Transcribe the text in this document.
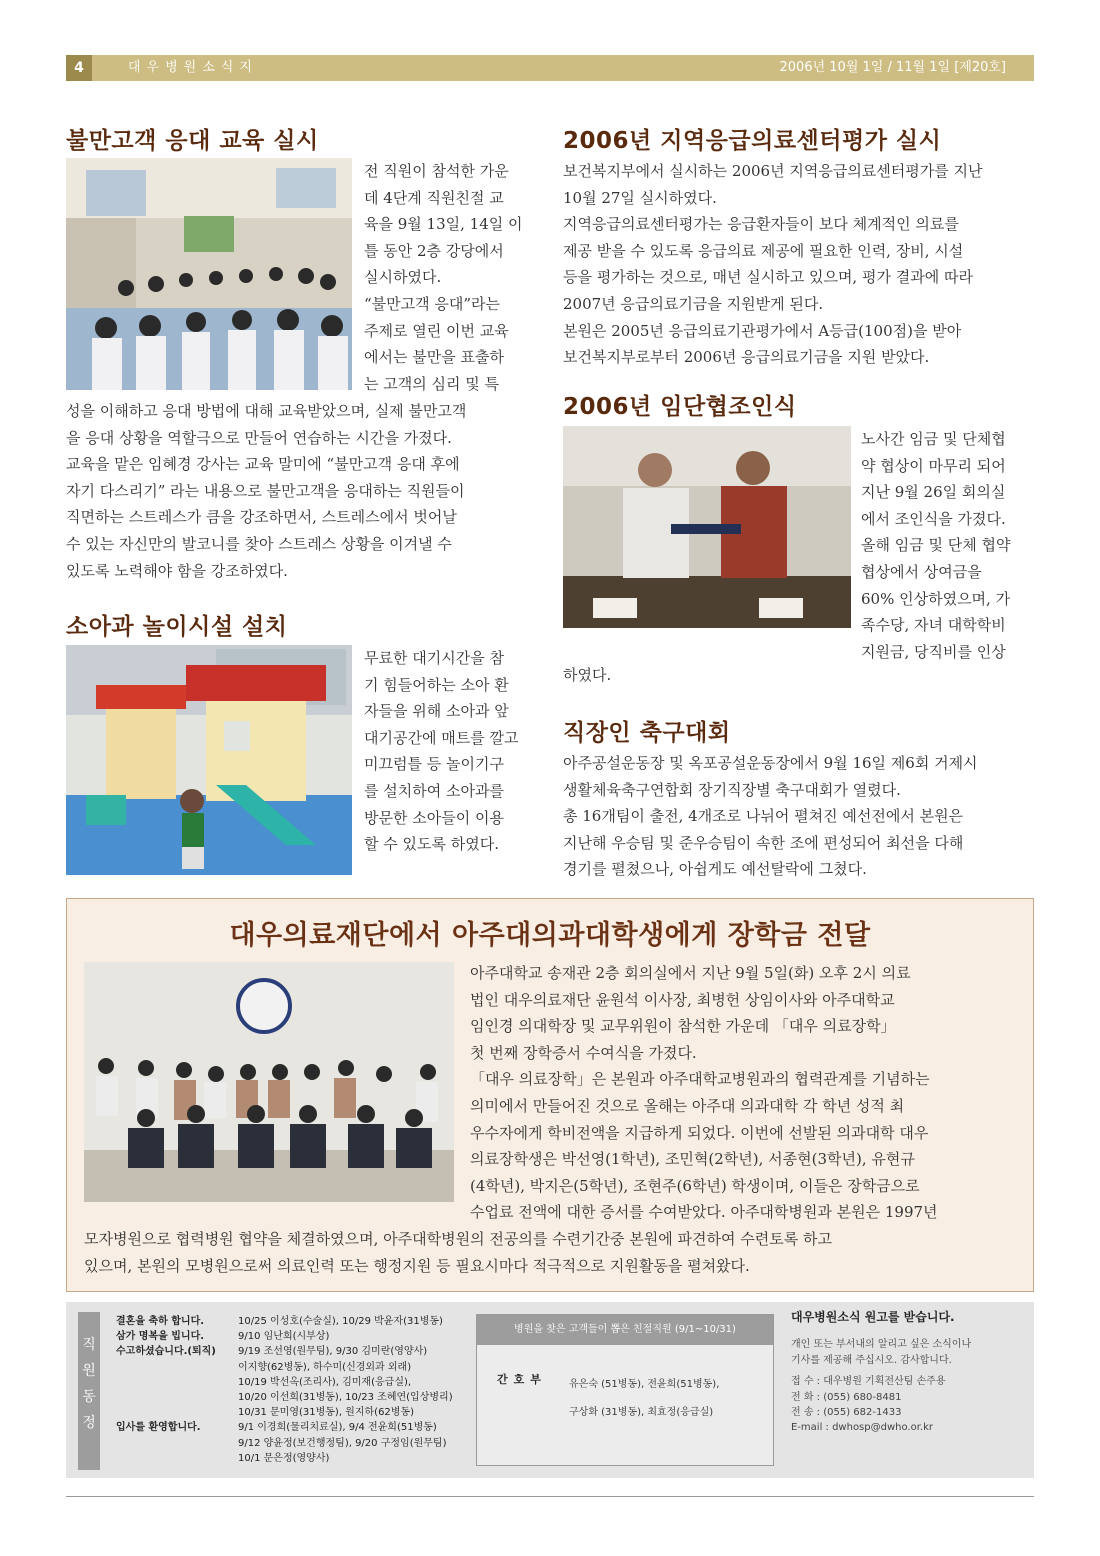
4	대우병원소식지	2006년 10월 1일 / 11월 1일 [제20호]
불만고객 응대 교육 실시

전 직원이 참석한 가운

데 4단계 직원친절 교

육을 9월 13일, 14일 이

틀 동안 2층 강당에서

실시하였다.

“불만고객 응대”라는

주제로 열린 이번 교육

에서는 불만을 표출하

는 고객의 심리 및 특

성을 이해하고 응대 방법에 대해 교육받았으며, 실제 불만고객

을 응대 상황을 역할극으로 만들어 연습하는 시간을 가졌다.

교육을 맡은 임혜경 강사는 교육 말미에 “불만고객 응대 후에

자기 다스리기” 라는 내용으로 불만고객을 응대하는 직원들이

직면하는 스트레스가 큼을 강조하면서, 스트레스에서 벗어날

수 있는 자신만의 발코니를 찾아 스트레스 상황을 이겨낼 수

있도록 노력해야 함을 강조하였다.

소아과 놀이시설 설치

무료한 대기시간을 참

기 힘들어하는 소아 환

자들을 위해 소아과 앞

대기공간에 매트를 깔고

미끄럼틀 등 놀이기구

를 설치하여 소아과를

방문한 소아들이 이용

할 수 있도록 하였다.

2006년 지역응급의료센터평가 실시

보건복지부에서 실시하는 2006년 지역응급의료센터평가를 지난

10월 27일 실시하였다.

지역응급의료센터평가는 응급환자들이 보다 체계적인 의료를

제공 받을 수 있도록 응급의료 제공에 필요한 인력, 장비, 시설

등을 평가하는 것으로, 매년 실시하고 있으며, 평가 결과에 따라

2007년 응급의료기금을 지원받게 된다.

본원은 2005년 응급의료기관평가에서 A등급(100점)을 받아

보건복지부로부터 2006년 응급의료기금을 지원 받았다.

2006년 임단협조인식

노사간 임금 및 단체협

약 협상이 마무리 되어

지난 9월 26일 회의실

에서 조인식을 가졌다.

올해 임금 및 단체 협약

협상에서 상여금을

60% 인상하였으며, 가

족수당, 자녀 대학학비

지원금, 당직비를 인상

하였다.

직장인 축구대회

아주공설운동장 및 옥포공설운동장에서 9월 16일 제6회 거제시

생활체육축구연합회 장기직장별 축구대회가 열렸다.

총 16개팀이 출전, 4개조로 나뉘어 펼쳐진 예선전에서 본원은

지난해 우승팀 및 준우승팀이 속한 조에 편성되어 최선을 다해

경기를 펼쳤으나, 아쉽게도 예선탈락에 그쳤다.

대우의료재단에서 아주대의과대학생에게 장학금 전달

아주대학교 송재관 2층 회의실에서 지난 9월 5일(화) 오후 2시 의료

법인 대우의료재단 윤원석 이사장, 최병헌 상임이사와 아주대학교

임인경 의대학장 및 교무위원이 참석한 가운데 「대우 의료장학」

첫 번째 장학증서 수여식을 가졌다.

「대우 의료장학」은 본원과 아주대학교병원과의 협력관계를 기념하는

의미에서 만들어진 것으로 올해는 아주대 의과대학 각 학년 성적 최

우수자에게 학비전액을 지급하게 되었다. 이번에 선발된 의과대학 대우

의료장학생은 박선영(1학년), 조민혁(2학년), 서종현(3학년), 유현규

(4학년), 박지은(5학년), 조현주(6학년) 학생이며, 이들은 장학금으로

수업료 전액에 대한 증서를 수여받았다. 아주대학병원과 본원은 1997년

모자병원으로 협력병원 협약을 체결하였으며, 아주대학병원의 전공의를 수련기간중 본원에 파견하여 수련토록 하고

있으며, 본원의 모병원으로써 의료인력 또는 행정지원 등 필요시마다 적극적으로 지원활동을 펼쳐왔다.

직
원
동
정
결혼을 축하 합니다.	10/25 이성호(수술실), 10/29 박윤자(31병동)
삼가 명복을 빕니다.	9/10 임난희(시부상)
수고하셨습니다.(퇴직)	9/19 조선영(원무팀), 9/30 김미란(영양사)
이지향(62병동), 하수미(신경외과 외래)
10/19 박선옥(조리사), 김미재(응급실),
10/20 이선희(31병동), 10/23 조혜연(입상병리)
10/31 문미영(31병동), 원지하(62병동)
입사를 환영합니다.	9/1 이경희(물리치료실), 9/4 전윤희(51병동)
9/12 양윤정(보건행정팀), 9/20 구정임(원무팀)
10/1 문은정(영양사)
병원을 찾은 고객들이 뽑은 친절직원 (9/1~10/31)
간호부 유은숙 (51병동), 전윤희(51병동),
구상화 (31병동), 최효정(응급실)
대우병원소식 원고를 받습니다.
개인 또는 부서내의 알리고 싶은 소식이나
기사를 제공해 주십시오. 감사합니다.
접 수 : 대우병원 기획전산팀 손주용
전 화 : (055) 680-8481
전 송 : (055) 682-1433
E-mail : dwhosp@dwho.or.kr
